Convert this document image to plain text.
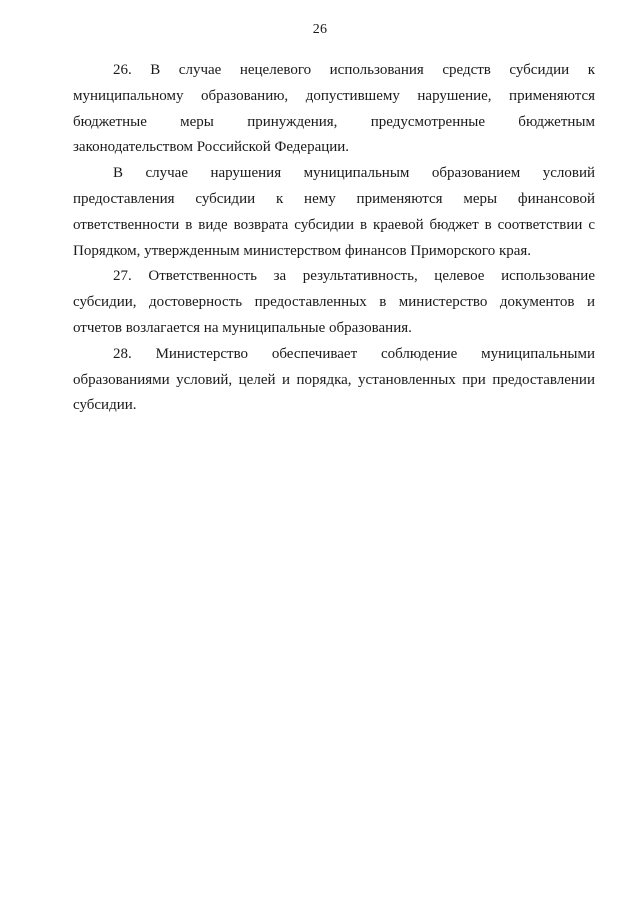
26
26. В случае нецелевого использования средств субсидии к
муниципальному образованию, допустившему нарушение, применяются
бюджетные меры принуждения, предусмотренные бюджетным
законодательством Российской Федерации.
В случае нарушения муниципальным образованием условий
предоставления субсидии к нему применяются меры финансовой
ответственности в виде возврата субсидии в краевой бюджет в соответствии с
Порядком, утвержденным министерством финансов Приморского края.
27. Ответственность за результативность, целевое использование
субсидии, достоверность предоставленных в министерство документов и
отчетов возлагается на муниципальные образования.
28. Министерство обеспечивает соблюдение муниципальными
образованиями условий, целей и порядка, установленных при предоставлении
субсидии.
